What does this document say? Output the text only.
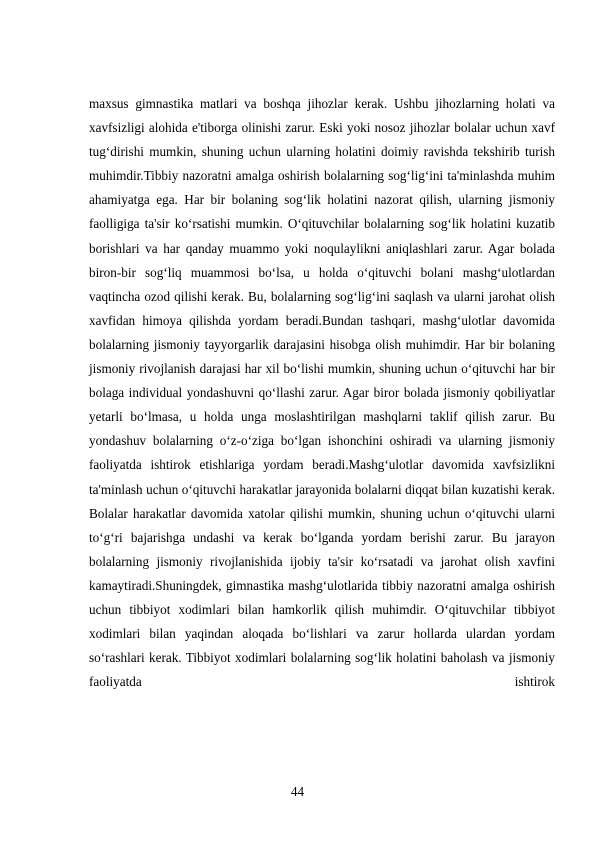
maxsus gimnastika matlari va boshqa jihozlar kerak. Ushbu jihozlarning holati va xavfsizligi alohida e'tiborga olinishi zarur. Eski yoki nosoz jihozlar bolalar uchun xavf tug‘dirishi mumkin, shuning uchun ularning holatini doimiy ravishda tekshirib turish muhimdir.Tibbiy nazoratni amalga oshirish bolalarning sog‘lig‘ini ta'minlashda muhim ahamiyatga ega. Har bir bolaning sog‘lik holatini nazorat qilish, ularning jismoniy faolligiga ta'sir ko‘rsatishi mumkin. O‘qituvchilar bolalarning sog‘lik holatini kuzatib borishlari va har qanday muammo yoki noqulaylikni aniqlashlari zarur. Agar bolada biron-bir sog‘liq muammosi bo‘lsa, u holda o‘qituvchi bolani mashg‘ulotlardan vaqtincha ozod qilishi kerak. Bu, bolalarning sog‘lig‘ini saqlash va ularni jarohat olish xavfidan himoya qilishda yordam beradi.Bundan tashqari, mashg‘ulotlar davomida bolalarning jismoniy tayyorgarlik darajasini hisobga olish muhimdir. Har bir bolaning jismoniy rivojlanish darajasi har xil bo‘lishi mumkin, shuning uchun o‘qituvchi har bir bolaga individual yondashuvni qo‘llashi zarur. Agar biror bolada jismoniy qobiliyatlar yetarli bo‘lmasa, u holda unga moslashtirilgan mashqlarni taklif qilish zarur. Bu yondashuv bolalarning o‘z-o‘ziga bo‘lgan ishonchini oshiradi va ularning jismoniy faoliyatda ishtirok etishlariga yordam beradi.Mashg‘ulotlar davomida xavfsizlikni ta'minlash uchun o‘qituvchi harakatlar jarayonida bolalarni diqqat bilan kuzatishi kerak. Bolalar harakatlar davomida xatolar qilishi mumkin, shuning uchun o‘qituvchi ularni to‘g‘ri bajarishga undashi va kerak bo‘lganda yordam berishi zarur. Bu jarayon bolalarning jismoniy rivojlanishida ijobiy ta'sir ko‘rsatadi va jarohat olish xavfini kamaytiradi.Shuningdek, gimnastika mashg‘ulotlarida tibbiy nazoratni amalga oshirish uchun tibbiyot xodimlari bilan hamkorlik qilish muhimdir. O‘qituvchilar tibbiyot xodimlari bilan yaqindan aloqada bo‘lishlari va zarur hollarda ulardan yordam so‘rashlari kerak. Tibbiyot xodimlari bolalarning sog‘lik holatini baholash va jismoniy faoliyatda ishtirok

44
